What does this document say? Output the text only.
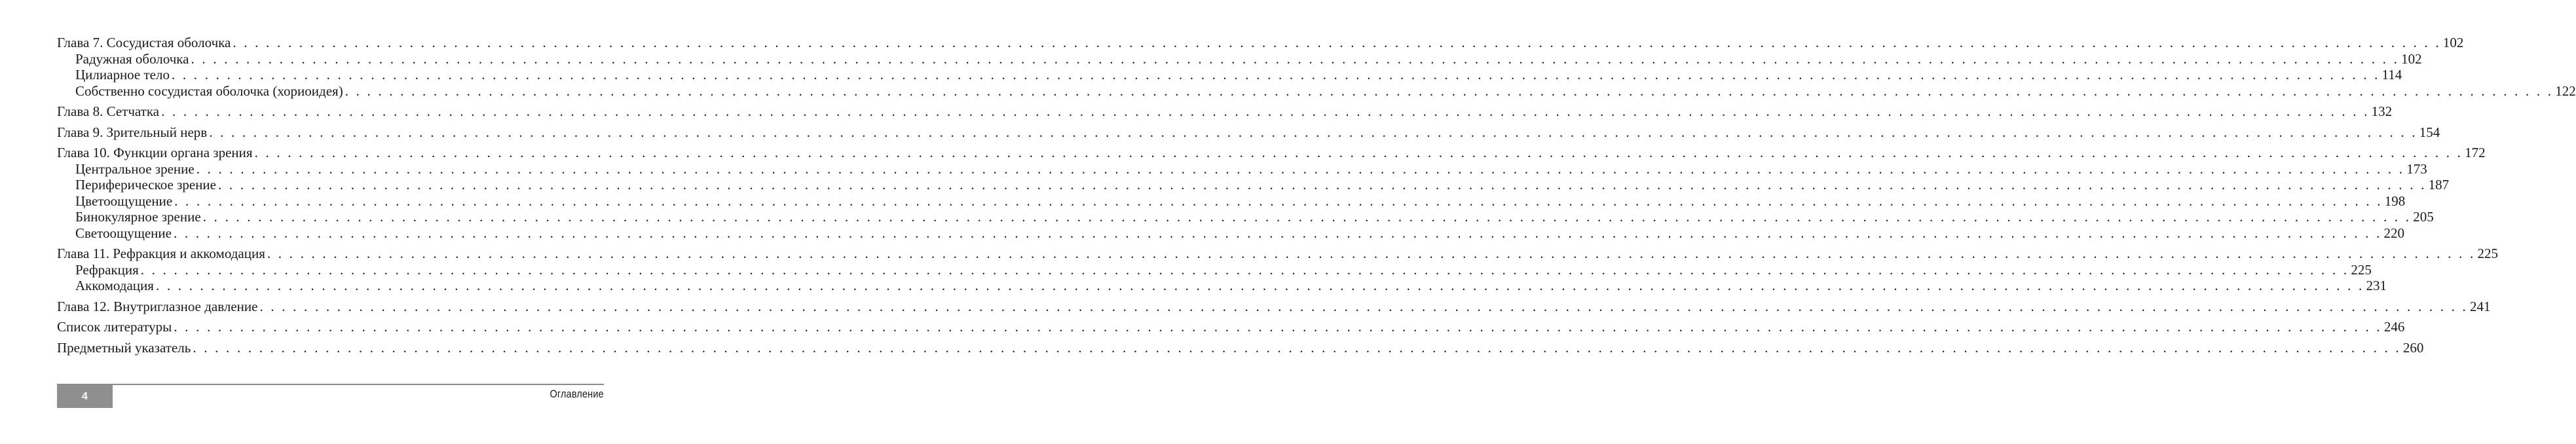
Глава 7. Сосудистая оболочка . . . . . . . . . . . . . . . . . . . . . . . . . . . . . . . . . . . . . . . . . . . . . . . . . . . . . . . . . . . . . . . . . . . . . . . . . . . . . . . . . . . . . . . . . . . . . . . . . . . . . . . . . . . . . . . . . . . . . . . . . . . . . . . . . . . . . . . . . . . . . . . . . . . . . . . . . . . . . . . . . . . . . . . . . . . . . . . . . . . . . . . . . . . . . . . . . . . . . . . . 102
Радужная оболочка . . . . . . . . . . . . . . . . . . . . . . . . . . . . . . . . . . . . . . . . . . . . . . . . . . . . . . . . . . . . . . . . . . . . . . . . . . . . . . . . . . . . . . . . . . . . . . . . . . . . . . . . . . . . . . . . . . . . . . . . . . . . . . . . . . . . . . . . . . . . . . . . . . . . . . . . . . . . . . . . . . . . . . . . . . . . . . . . . . . . . . . . . . . . . . . . . . . . . . . . 102
Цилиарное тело . . . . . . . . . . . . . . . . . . . . . . . . . . . . . . . . . . . . . . . . . . . . . . . . . . . . . . . . . . . . . . . . . . . . . . . . . . . . . . . . . . . . . . . . . . . . . . . . . . . . . . . . . . . . . . . . . . . . . . . . . . . . . . . . . . . . . . . . . . . . . . . . . . . . . . . . . . . . . . . . . . . . . . . . . . . . . . . . . . . . . . . . . . . . . . . . . . . . . . . . 114
Собственно сосудистая оболочка (хориоидея) . . . . . . . . . . . . . . . . . . . . . . . . . . . . . . . . . . . . . . . . . . . . . . . . . . . . . . . . . . . . . . . . . . . . . . . . . . . . . . . . . . . . . . . . . . . . . . . . . . . . . . . . . . . . . . . . . . . . . . . . . . . . . . . . . . . . . . . . . . . . . . . . . . . . . . . . . . . . . . . . . . . . . . . . . . . . . . . . . . . . . . . . . . . . . . . . . . . . . . . . 122
Глава 8. Сетчатка . . . . . . . . . . . . . . . . . . . . . . . . . . . . . . . . . . . . . . . . . . . . . . . . . . . . . . . . . . . . . . . . . . . . . . . . . . . . . . . . . . . . . . . . . . . . . . . . . . . . . . . . . . . . . . . . . . . . . . . . . . . . . . . . . . . . . . . . . . . . . . . . . . . . . . . . . . . . . . . . . . . . . . . . . . . . . . . . . . . . . . . . . . . . . . . . . . . . . . . . 132
Глава 9. Зрительный нерв . . . . . . . . . . . . . . . . . . . . . . . . . . . . . . . . . . . . . . . . . . . . . . . . . . . . . . . . . . . . . . . . . . . . . . . . . . . . . . . . . . . . . . . . . . . . . . . . . . . . . . . . . . . . . . . . . . . . . . . . . . . . . . . . . . . . . . . . . . . . . . . . . . . . . . . . . . . . . . . . . . . . . . . . . . . . . . . . . . . . . . . . . . . . . . . . . . . . . . . . 154
Глава 10. Функции органа зрения . . . . . . . . . . . . . . . . . . . . . . . . . . . . . . . . . . . . . . . . . . . . . . . . . . . . . . . . . . . . . . . . . . . . . . . . . . . . . . . . . . . . . . . . . . . . . . . . . . . . . . . . . . . . . . . . . . . . . . . . . . . . . . . . . . . . . . . . . . . . . . . . . . . . . . . . . . . . . . . . . . . . . . . . . . . . . . . . . . . . . . . . . . . . . . . . . . . . . . . . 172
Центральное зрение . . . . . . . . . . . . . . . . . . . . . . . . . . . . . . . . . . . . . . . . . . . . . . . . . . . . . . . . . . . . . . . . . . . . . . . . . . . . . . . . . . . . . . . . . . . . . . . . . . . . . . . . . . . . . . . . . . . . . . . . . . . . . . . . . . . . . . . . . . . . . . . . . . . . . . . . . . . . . . . . . . . . . . . . . . . . . . . . . . . . . . . . . . . . . . . . . . . . . . . . 173
Периферическое зрение . . . . . . . . . . . . . . . . . . . . . . . . . . . . . . . . . . . . . . . . . . . . . . . . . . . . . . . . . . . . . . . . . . . . . . . . . . . . . . . . . . . . . . . . . . . . . . . . . . . . . . . . . . . . . . . . . . . . . . . . . . . . . . . . . . . . . . . . . . . . . . . . . . . . . . . . . . . . . . . . . . . . . . . . . . . . . . . . . . . . . . . . . . . . . . . . . . . . . . . . 187
Цветоощущение . . . . . . . . . . . . . . . . . . . . . . . . . . . . . . . . . . . . . . . . . . . . . . . . . . . . . . . . . . . . . . . . . . . . . . . . . . . . . . . . . . . . . . . . . . . . . . . . . . . . . . . . . . . . . . . . . . . . . . . . . . . . . . . . . . . . . . . . . . . . . . . . . . . . . . . . . . . . . . . . . . . . . . . . . . . . . . . . . . . . . . . . . . . . . . . . . . . . . . . . 198
Бинокулярное зрение . . . . . . . . . . . . . . . . . . . . . . . . . . . . . . . . . . . . . . . . . . . . . . . . . . . . . . . . . . . . . . . . . . . . . . . . . . . . . . . . . . . . . . . . . . . . . . . . . . . . . . . . . . . . . . . . . . . . . . . . . . . . . . . . . . . . . . . . . . . . . . . . . . . . . . . . . . . . . . . . . . . . . . . . . . . . . . . . . . . . . . . . . . . . . . . . . . . . . . . . 205
Светоощущение . . . . . . . . . . . . . . . . . . . . . . . . . . . . . . . . . . . . . . . . . . . . . . . . . . . . . . . . . . . . . . . . . . . . . . . . . . . . . . . . . . . . . . . . . . . . . . . . . . . . . . . . . . . . . . . . . . . . . . . . . . . . . . . . . . . . . . . . . . . . . . . . . . . . . . . . . . . . . . . . . . . . . . . . . . . . . . . . . . . . . . . . . . . . . . . . . . . . . . . . 220
Глава 11. Рефракция и аккомодация . . . . . . . . . . . . . . . . . . . . . . . . . . . . . . . . . . . . . . . . . . . . . . . . . . . . . . . . . . . . . . . . . . . . . . . . . . . . . . . . . . . . . . . . . . . . . . . . . . . . . . . . . . . . . . . . . . . . . . . . . . . . . . . . . . . . . . . . . . . . . . . . . . . . . . . . . . . . . . . . . . . . . . . . . . . . . . . . . . . . . . . . . . . . . . . . . . . . . . . . 225
Рефракция . . . . . . . . . . . . . . . . . . . . . . . . . . . . . . . . . . . . . . . . . . . . . . . . . . . . . . . . . . . . . . . . . . . . . . . . . . . . . . . . . . . . . . . . . . . . . . . . . . . . . . . . . . . . . . . . . . . . . . . . . . . . . . . . . . . . . . . . . . . . . . . . . . . . . . . . . . . . . . . . . . . . . . . . . . . . . . . . . . . . . . . . . . . . . . . . . . . . . . . . 225
Аккомодация . . . . . . . . . . . . . . . . . . . . . . . . . . . . . . . . . . . . . . . . . . . . . . . . . . . . . . . . . . . . . . . . . . . . . . . . . . . . . . . . . . . . . . . . . . . . . . . . . . . . . . . . . . . . . . . . . . . . . . . . . . . . . . . . . . . . . . . . . . . . . . . . . . . . . . . . . . . . . . . . . . . . . . . . . . . . . . . . . . . . . . . . . . . . . . . . . . . . . . . . 231
Глава 12. Внутриглазное давление . . . . . . . . . . . . . . . . . . . . . . . . . . . . . . . . . . . . . . . . . . . . . . . . . . . . . . . . . . . . . . . . . . . . . . . . . . . . . . . . . . . . . . . . . . . . . . . . . . . . . . . . . . . . . . . . . . . . . . . . . . . . . . . . . . . . . . . . . . . . . . . . . . . . . . . . . . . . . . . . . . . . . . . . . . . . . . . . . . . . . . . . . . . . . . . . . . . . . . . . 241
Список литературы . . . . . . . . . . . . . . . . . . . . . . . . . . . . . . . . . . . . . . . . . . . . . . . . . . . . . . . . . . . . . . . . . . . . . . . . . . . . . . . . . . . . . . . . . . . . . . . . . . . . . . . . . . . . . . . . . . . . . . . . . . . . . . . . . . . . . . . . . . . . . . . . . . . . . . . . . . . . . . . . . . . . . . . . . . . . . . . . . . . . . . . . . . . . . . . . . . . . . . . . 246
Предметный указатель . . . . . . . . . . . . . . . . . . . . . . . . . . . . . . . . . . . . . . . . . . . . . . . . . . . . . . . . . . . . . . . . . . . . . . . . . . . . . . . . . . . . . . . . . . . . . . . . . . . . . . . . . . . . . . . . . . . . . . . . . . . . . . . . . . . . . . . . . . . . . . . . . . . . . . . . . . . . . . . . . . . . . . . . . . . . . . . . . . . . . . . . . . . . . . . . . . . . . . . . 260
4	Оглавление
